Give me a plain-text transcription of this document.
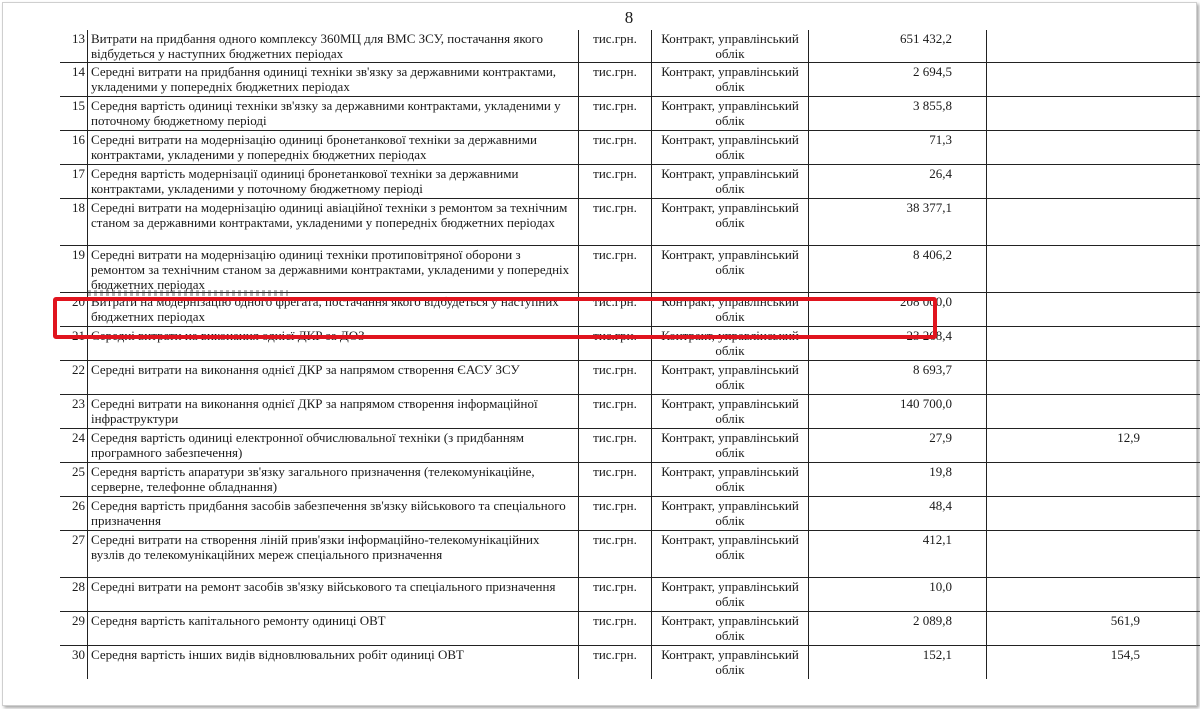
8
13	Витрати на придбання одного комплексу 360МЦ для ВМС ЗСУ, постачання якого відбудеться у наступних бюджетних періодах	тис.грн.	Контракт, управлінський облік	651 432,2		
14	Середні витрати на придбання одиниці техніки зв'язку за державними контрактами, укладеними у попередніх бюджетних періодах	тис.грн.	Контракт, управлінський облік	2 694,5		
15	Середня вартість одиниці техніки зв'язку за державними контрактами, укладеними у поточному бюджетному періоді	тис.грн.	Контракт, управлінський облік	3 855,8		
16	Середні витрати на модернізацію одиниці бронетанкової техніки за державними контрактами, укладеними у попередніх бюджетних періодах	тис.грн.	Контракт, управлінський облік	71,3		
17	Середня вартість модернізації одиниці бронетанкової техніки за державними контрактами, укладеними у поточному бюджетному періоді	тис.грн.	Контракт, управлінський облік	26,4		
18	Середні витрати на модернізацію одиниці авіаційної техніки з ремонтом за технічним станом за державними контрактами, укладеними у попередніх бюджетних періодах	тис.грн.	Контракт, управлінський облік	38 377,1		
19	Середні витрати на модернізацію одиниці техніки протиповітряної оборони з ремонтом за технічним станом за державними контрактами, укладеними у попередніх бюджетних періодах	тис.грн.	Контракт, управлінський облік	8 406,2		
20	Витрати на модернізацію одного фрегата, постачання якого відбудеться у наступних бюджетних періодах	тис.грн.	Контракт, управлінський облік	208 000,0		
21	Середні витрати на виконання однієї ДКР за ДОЗ	тис.грн.	Контракт, управлінський облік	23 268,4		
22	Середні витрати на виконання однієї ДКР за напрямом створення ЄАСУ ЗСУ	тис.грн.	Контракт, управлінський облік	8 693,7		
23	Середні витрати на виконання однієї ДКР за напрямом створення інформаційної інфраструктури	тис.грн.	Контракт, управлінський облік	140 700,0		
24	Середня вартість одиниці електронної обчислювальної техніки (з придбанням програмного забезпечення)	тис.грн.	Контракт, управлінський облік	27,9	12,9	
25	Середня вартість апаратури зв'язку загального призначення (телекомунікаційне, серверне, телефонне обладнання)	тис.грн.	Контракт, управлінський облік	19,8		
26	Середня вартість придбання засобів забезпечення зв'язку військового та спеціального призначення	тис.грн.	Контракт, управлінський облік	48,4		
27	Середні витрати на створення ліній прив'язки інформаційно-телекомунікаційних вузлів до телекомунікаційних мереж спеціального призначення	тис.грн.	Контракт, управлінський облік	412,1		
28	Середні витрати на ремонт засобів зв'язку військового та спеціального призначення	тис.грн.	Контракт, управлінський облік	10,0		
29	Середня вартість капітального ремонту одиниці ОВТ	тис.грн.	Контракт, управлінський облік	2 089,8	561,9	
30	Середня вартість інших видів відновлювальних робіт одиниці ОВТ	тис.грн.	Контракт, управлінський облік	152,1	154,5	
